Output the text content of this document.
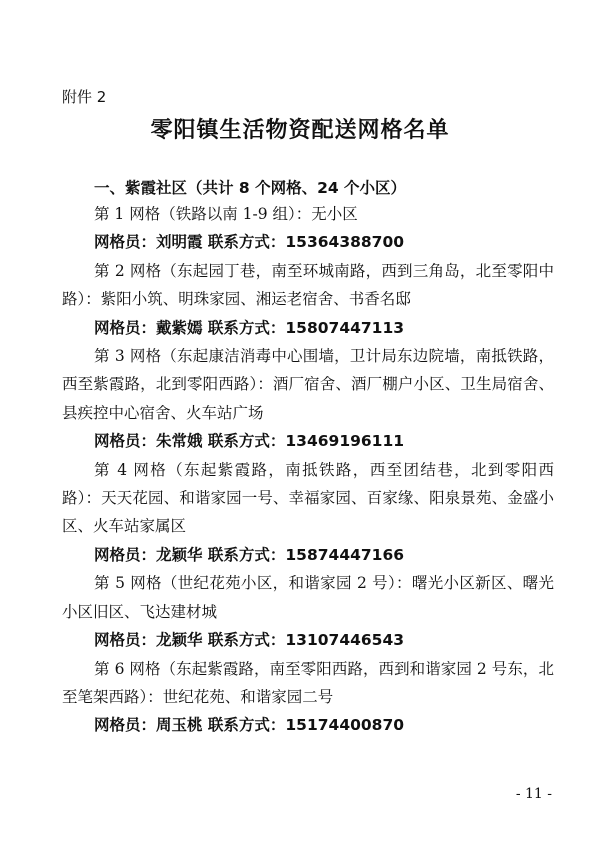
附件 2
零阳镇生活物资配送网格名单
一、紫霞社区（共计 8 个网格、24 个小区）

第 1 网格（铁路以南 1-9 组）：无小区

网格员：刘明霞 联系方式：15364388700

第 2 网格（东起园丁巷，南至环城南路，西到三角岛，北至零阳中路）：紫阳小筑、明珠家园、湘运老宿舍、书香名邸

网格员：戴紫嫣 联系方式：15807447113

第 3 网格（东起康洁消毒中心围墙，卫计局东边院墙，南抵铁路，西至紫霞路，北到零阳西路）：酒厂宿舍、酒厂棚户小区、卫生局宿舍、县疾控中心宿舍、火车站广场

网格员：朱常娥 联系方式：13469196111

第 4 网格（东起紫霞路，南抵铁路，西至团结巷，北到零阳西路）：天天花园、和谐家园一号、幸福家园、百家缘、阳泉景苑、金盛小区、火车站家属区

网格员：龙颖华 联系方式：15874447166

第 5 网格（世纪花苑小区，和谐家园 2 号）：曙光小区新区、曙光小区旧区、飞达建材城

网格员：龙颖华 联系方式：13107446543

第 6 网格（东起紫霞路，南至零阳西路，西到和谐家园 2 号东，北至笔架西路）：世纪花苑、和谐家园二号

网格员：周玉桃 联系方式：15174400870

- 11 -
